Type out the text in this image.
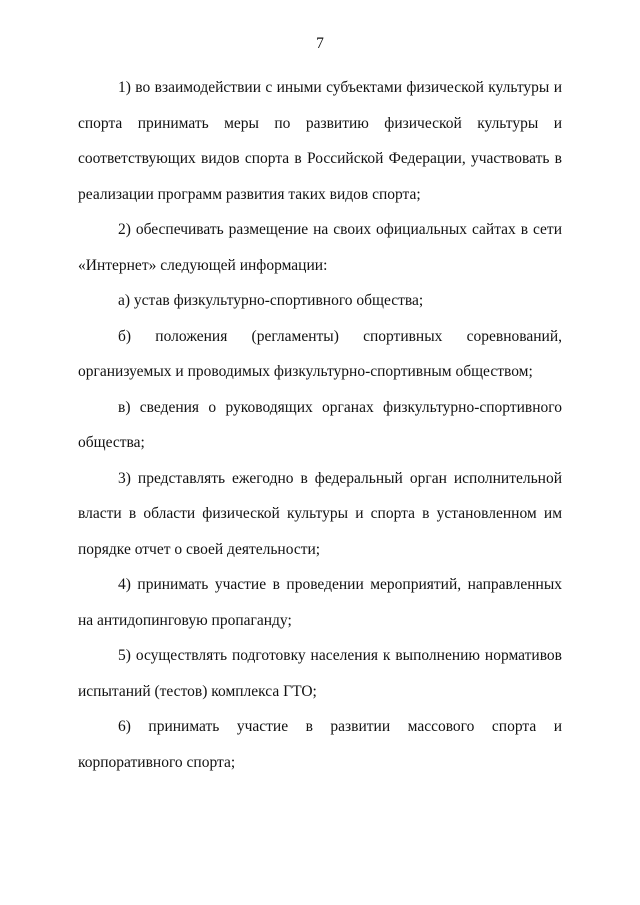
7

1) во взаимодействии с иными субъектами физической культуры и спорта принимать меры по развитию физической культуры и соответствующих видов спорта в Российской Федерации, участвовать в реализации программ развития таких видов спорта;

2) обеспечивать размещение на своих официальных сайтах в сети «Интернет» следующей информации:

а) устав физкультурно-спортивного общества;

б) положения (регламенты) спортивных соревнований, организуемых и проводимых физкультурно-спортивным обществом;

в) сведения о руководящих органах физкультурно-спортивного общества;

3) представлять ежегодно в федеральный орган исполнительной власти в области физической культуры и спорта в установленном им порядке отчет о своей деятельности;

4) принимать участие в проведении мероприятий, направленных на антидопинговую пропаганду;

5) осуществлять подготовку населения к выполнению нормативов испытаний (тестов) комплекса ГТО;

6) принимать участие в развитии массового спорта и корпоративного спорта;
